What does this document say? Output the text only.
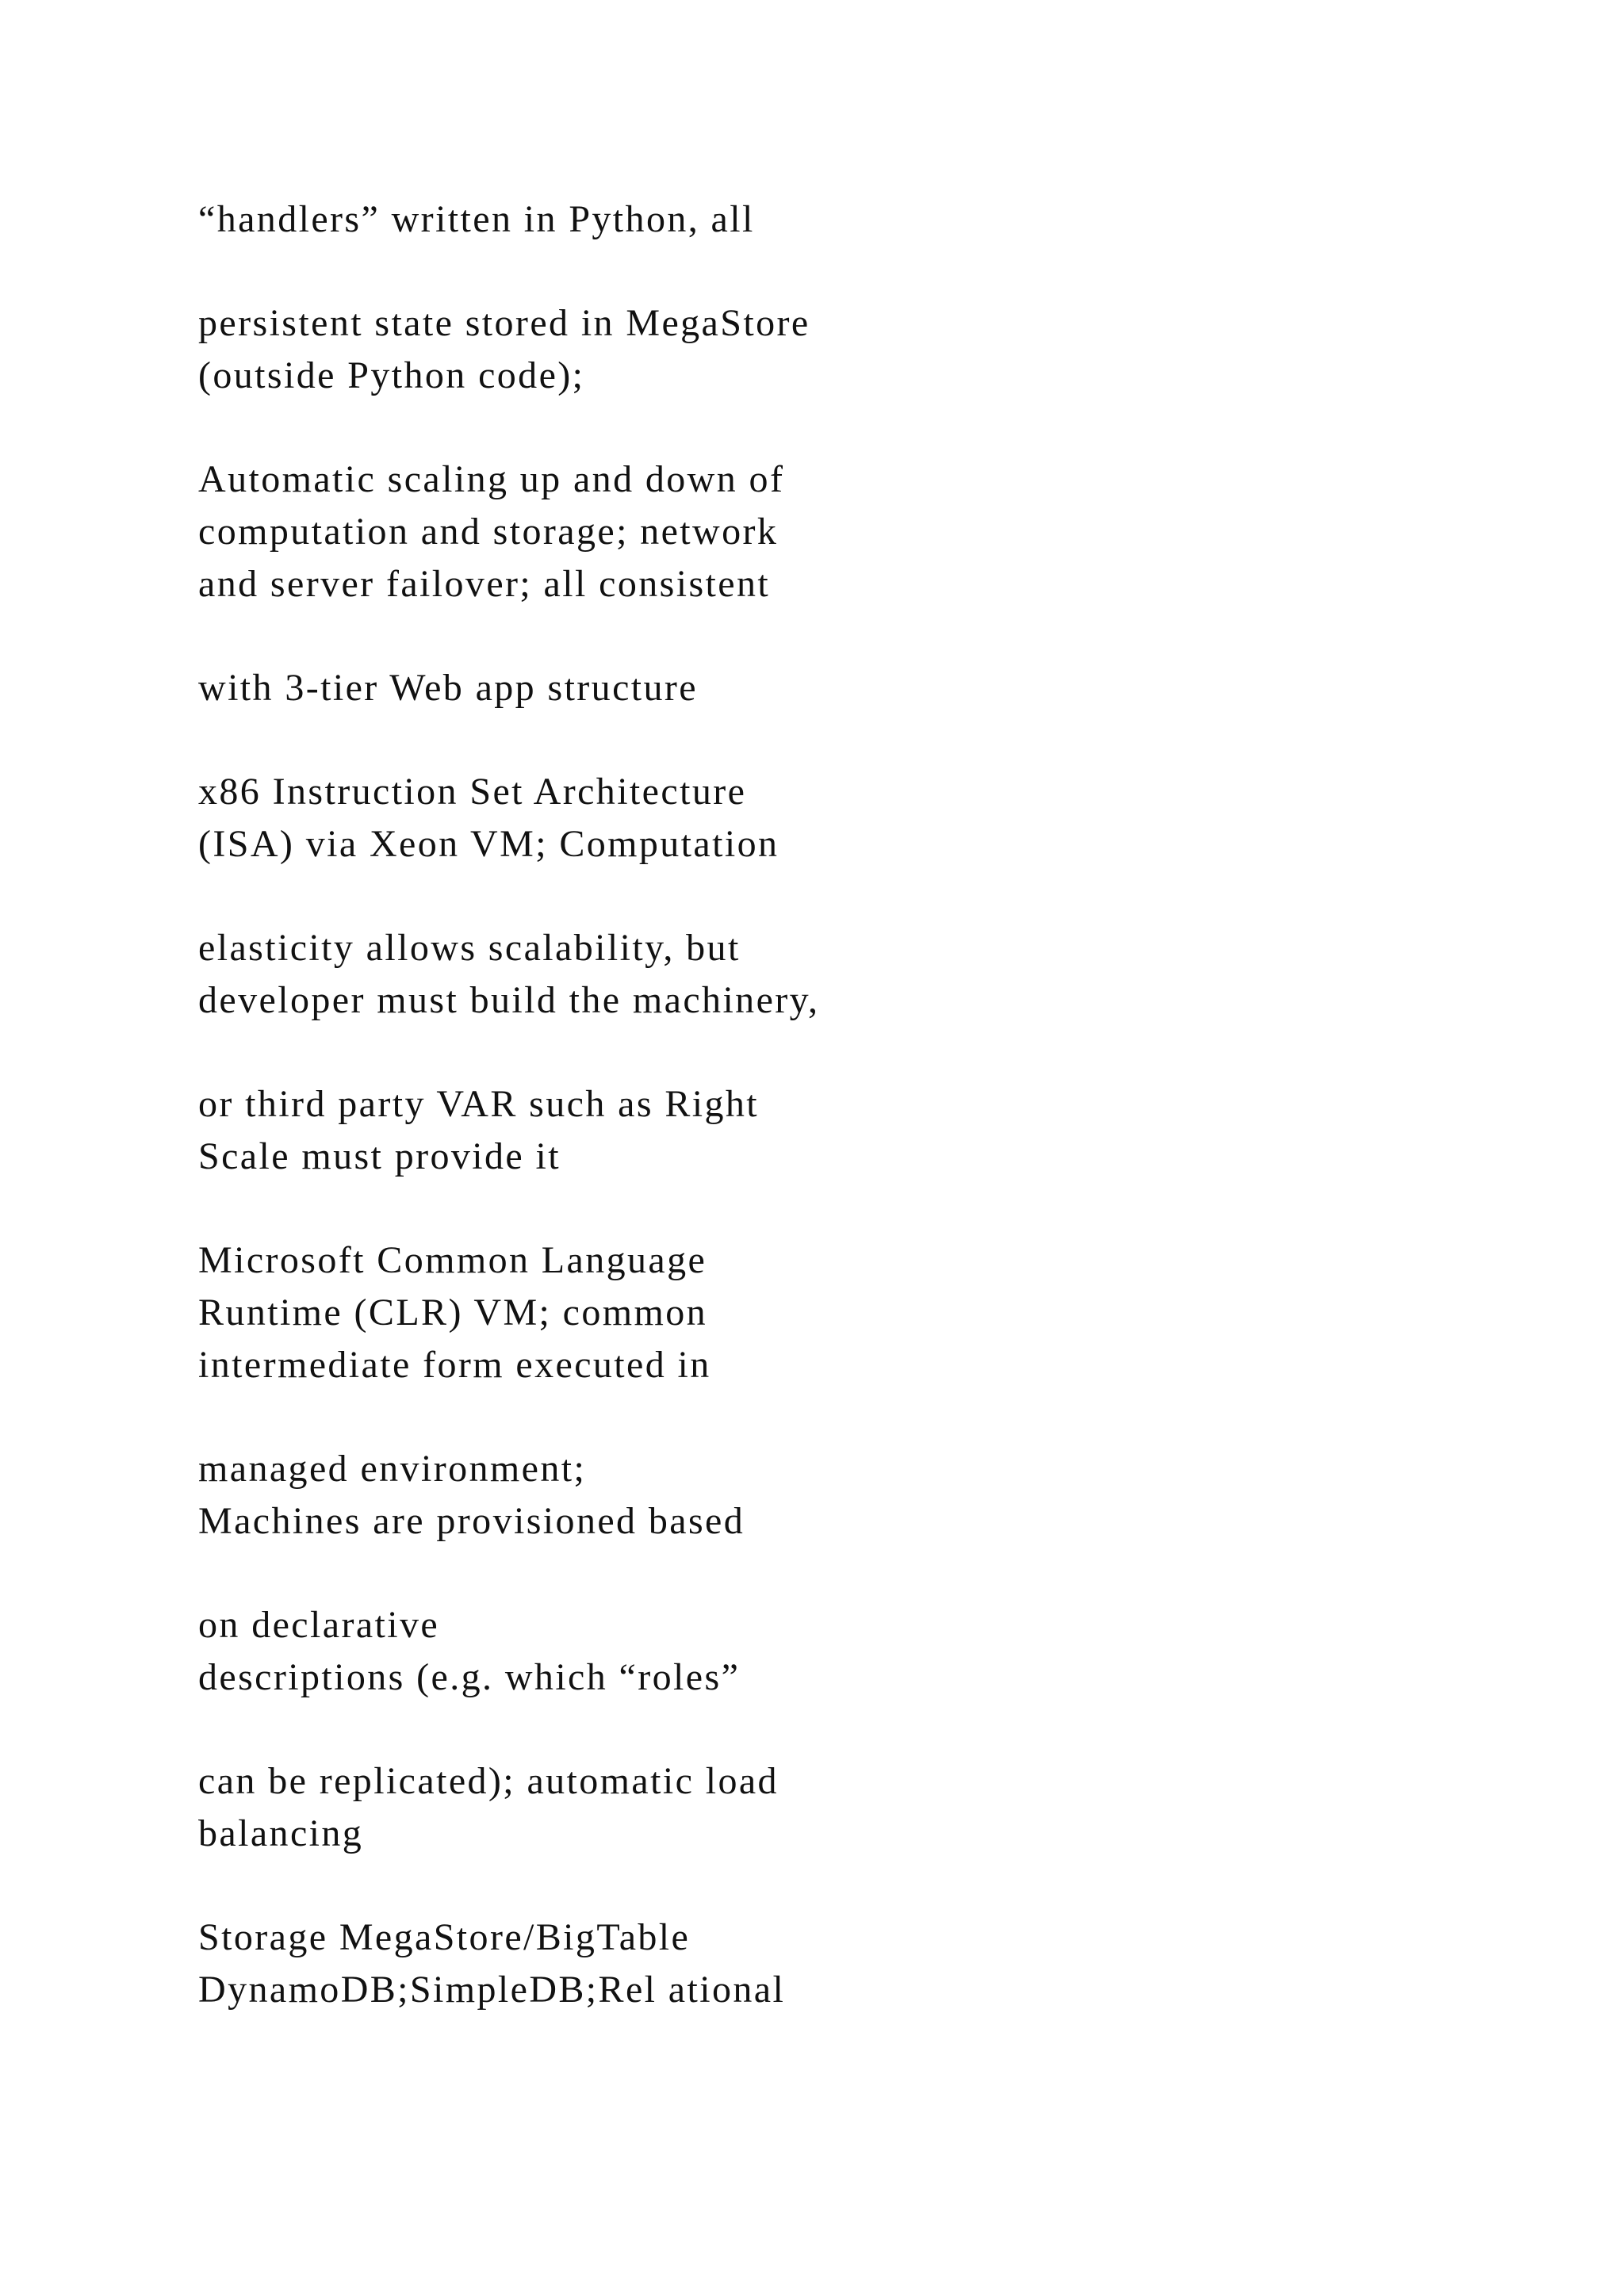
“handlers” written in Python, all

persistent state stored in MegaStore
(outside Python code);

Automatic scaling up and down of
computation and storage; network
and server failover; all consistent

with 3-tier Web app structure

x86 Instruction Set Architecture
(ISA) via Xeon VM; Computation

elasticity allows scalability, but
developer must build the machinery,

or third party VAR such as Right
Scale must provide it

Microsoft Common Language
Runtime (CLR) VM; common
intermediate form executed in

managed environment;
Machines are provisioned based

on declarative
descriptions (e.g. which “roles”

can be replicated); automatic load
balancing

Storage MegaStore/BigTable
DynamoDB;SimpleDB;Rel ational
